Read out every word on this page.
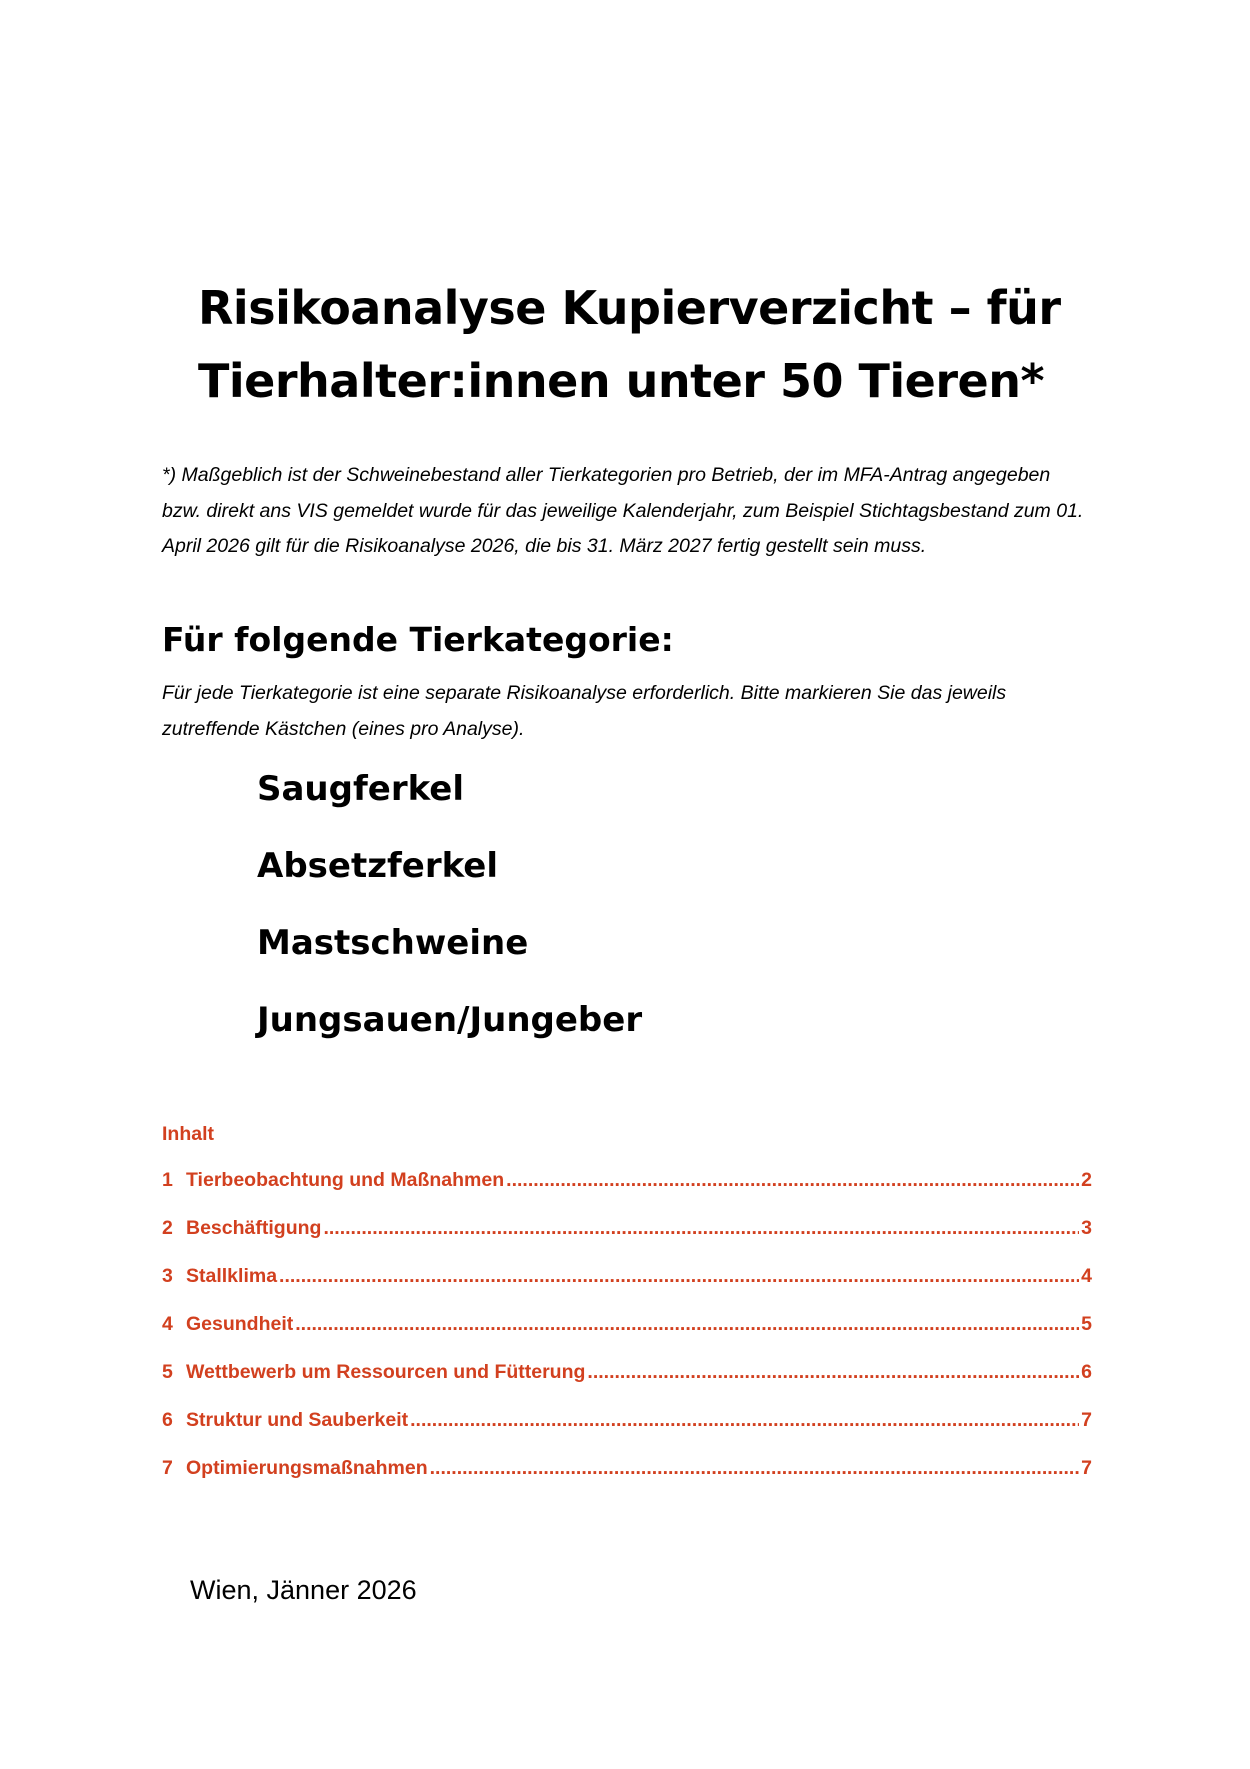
Risikoanalyse Kupierverzicht – für
Tierhalter:innen unter 50 Tieren*

*) Maßgeblich ist der Schweinebestand aller Tierkategorien pro Betrieb, der im MFA-Antrag angegeben bzw. direkt ans VIS gemeldet wurde für das jeweilige Kalenderjahr, zum Beispiel Stichtagsbestand zum 01. April 2026 gilt für die Risikoanalyse 2026, die bis 31. März 2027 fertig gestellt sein muss.

Für folgende Tierkategorie:

Für jede Tierkategorie ist eine separate Risikoanalyse erforderlich. Bitte markieren Sie das jeweils zutreffende Kästchen (eines pro Analyse).

Saugferkel
Absetzferkel
Mastschweine
Jungsauen/Jungeber
Inhalt
1 Tierbeobachtung und Maßnahmen .....	2
2 Beschäftigung .....	3
3 Stallklima .....	4
4 Gesundheit .....	5
5 Wettbewerb um Ressourcen und Fütterung .....	6
6 Struktur und Sauberkeit .....	7
7 Optimierungsmaßnahmen .....	7

Wien, Jänner 2026
